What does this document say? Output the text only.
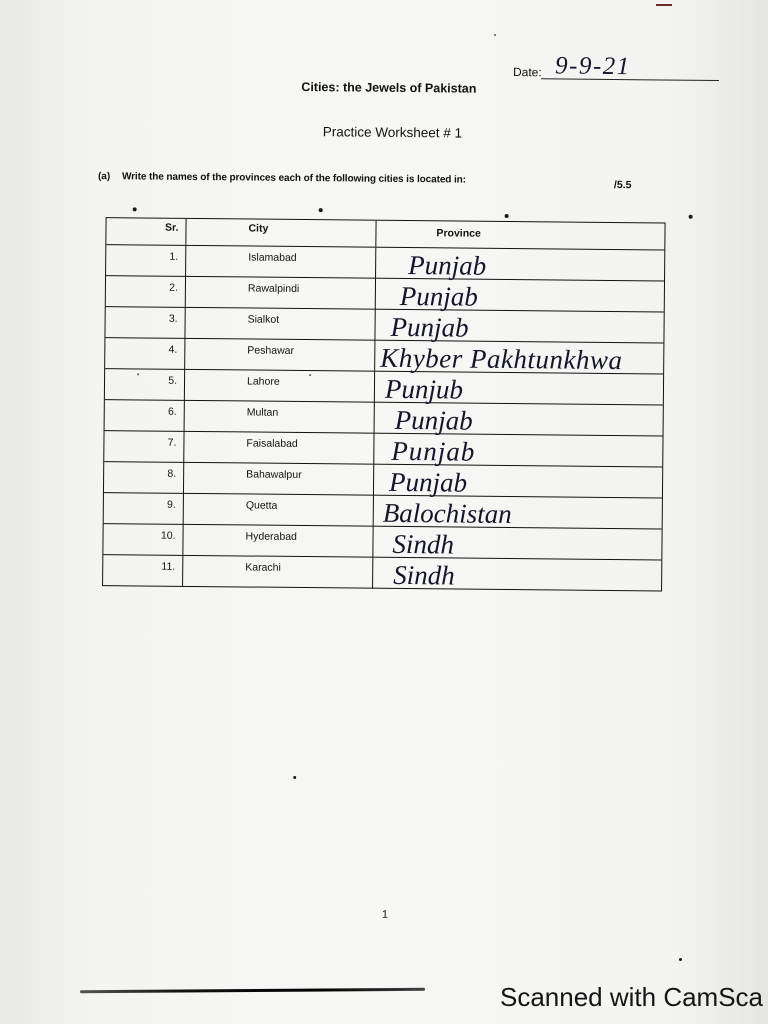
Date: 9-9-21
Cities: the Jewels of Pakistan
Practice Worksheet # 1
(a) Write the names of the provinces each of the following cities is located in:	/5.5
Sr.	City	Province
1.	Islamabad	Punjab
2.	Rawalpindi	Punjab
3.	Sialkot	Punjab
4.	Peshawar	Khyber Pakhtunkhwa
5.	Lahore	Punjub
6.	Multan	Punjab
7.	Faisalabad	Punjab
8.	Bahawalpur	Punjab
9.	Quetta	Balochistan
10.	Hyderabad	Sindh
11.	Karachi	Sindh
1
Scanned with CamSca
